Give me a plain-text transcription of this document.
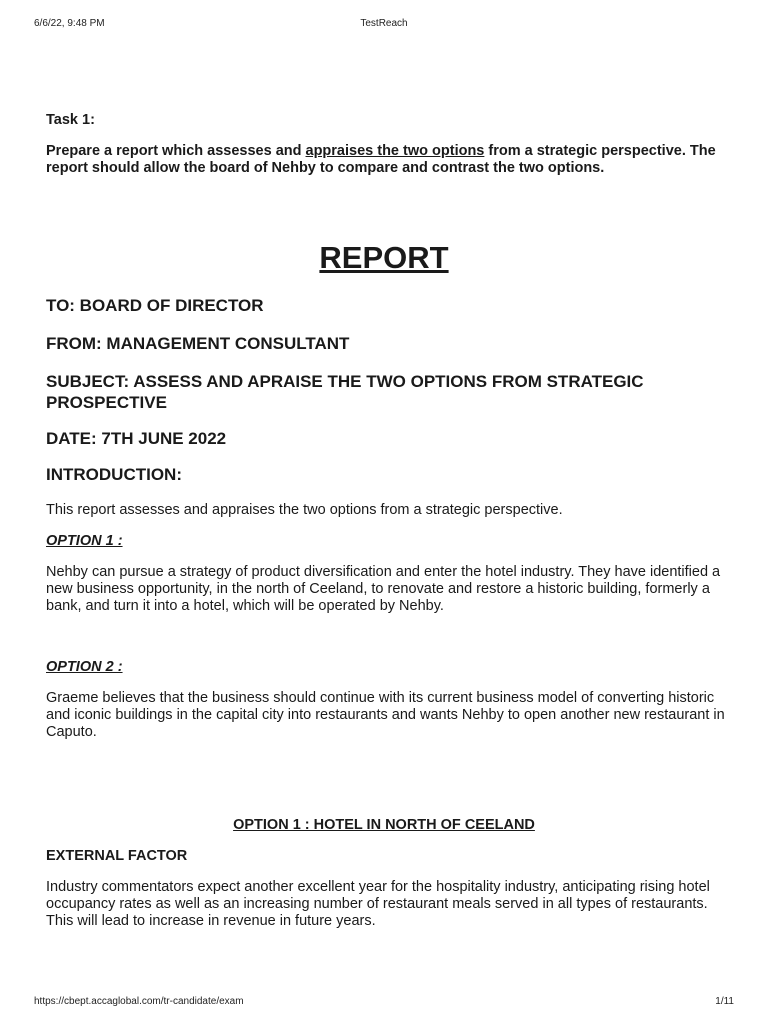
6/6/22, 9:48 PM	TestReach
Task 1:
Prepare a report which assesses and appraises the two options from a strategic perspective. The report should allow the board of Nehby to compare and contrast the two options.
REPORT
TO: BOARD OF DIRECTOR
FROM: MANAGEMENT CONSULTANT
SUBJECT: ASSESS AND APRAISE THE TWO OPTIONS FROM STRATEGIC PROSPECTIVE
DATE: 7TH JUNE 2022
INTRODUCTION:
This report assesses and appraises the two options from a strategic perspective.
OPTION 1 :
Nehby can pursue a strategy of product diversification and enter the hotel industry. They have identified a new business opportunity, in the north of Ceeland, to renovate and restore a historic building, formerly a bank, and turn it into a hotel, which will be operated by Nehby.
OPTION 2 :
Graeme believes that the business should continue with its current business model of converting historic and iconic buildings in the capital city into restaurants and wants Nehby to open another new restaurant in Caputo.
OPTION 1 : HOTEL IN NORTH OF CEELAND
EXTERNAL FACTOR
Industry commentators expect another excellent year for the hospitality industry, anticipating rising hotel occupancy rates as well as an increasing number of restaurant meals served in all types of restaurants. This will lead to increase in revenue in future years.
https://cbept.accaglobal.com/tr-candidate/exam	1/11
